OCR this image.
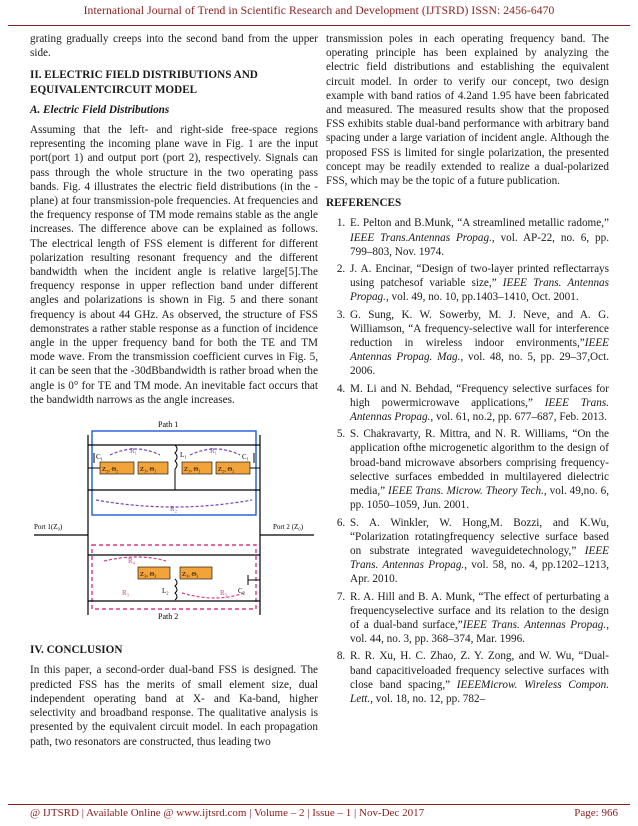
International Journal of Trend in Scientific Research and Development (IJTSRD) ISSN: 2456-6470

grating gradually creeps into the second band from the upper side.

II. ELECTRIC FIELD DISTRIBUTIONS AND EQUIVALENTCIRCUIT MODEL
A. Electric Field Distributions

Assuming that the left- and right-side free-space regions representing the incoming plane wave in Fig. 1 are the input port(port 1) and output port (port 2), respectively. Signals can pass through the whole structure in the two operating pass bands. Fig. 4 illustrates the electric field distributions (in the -plane) at four transmission-pole frequencies. At frequencies and the frequency response of TM mode remains stable as the angle increases. The difference above can be explained as follows. The electrical length of FSS element is different for different polarization resulting resonant frequency and the different bandwidth when the incident angle is relative large[5].The frequency response in upper reflection band under different angles and polarizations is shown in Fig. 5 and there sonant frequency is about 44 GHz. As observed, the structure of FSS demonstrates a rather stable response as a function of incidence angle in the upper frequency band for both the TE and TM mode wave. From the transmission coefficient curves in Fig. 5, it can be seen that the -30dBbandwidth is rather broad when the angle is 0° for TE and TM mode. An inevitable fact occurs that the bandwidth narrows as the angle increases.

Path 1
Z₂, Θ₂	Z₁, Θ₁	Z₁, Θ₁	Z₂, Θ₂
L₁
C₁	C₁
R₁	R₁
R₂
Port 1(Z₀)	Port 2 (Z₀)
Path 2
Z₃, Θ₃	Z₃, Θ₃
L₂	C₂
R₄
R₃	R₃
IV. CONCLUSION

In this paper, a second-order dual-band FSS is designed. The predicted FSS has the merits of small element size, dual independent operating band at X- and Ka-band, higher selectivity and broadband response. The qualitative analysis is presented by the equivalent circuit model. In each propagation path, two resonators are constructed, thus leading two

transmission poles in each operating frequency band. The operating principle has been explained by analyzing the electric field distributions and establishing the equivalent circuit model. In order to verify our concept, two design example with band ratios of 4.2and 1.95 have been fabricated and measured. The measured results show that the proposed FSS exhibits stable dual-band performance with arbitrary band spacing under a large variation of incident angle. Although the proposed FSS is limited for single polarization, the presented concept may be readily extended to realize a dual-polarized FSS, which may be the topic of a future publication.

REFERENCES
1. E. Pelton and B.Munk, “A streamlined metallic radome,” IEEE Trans.Antennas Propag., vol. AP-22, no. 6, pp. 799–803, Nov. 1974.
2. J. A. Encinar, “Design of two-layer printed reflectarrays using patchesof variable size,” IEEE Trans. Antennas Propag., vol. 49, no. 10, pp.1403–1410, Oct. 2001.
3. G. Sung, K. W. Sowerby, M. J. Neve, and A. G. Williamson, “A frequency-selective wall for interference reduction in wireless indoor environments,”IEEE Antennas Propag. Mag., vol. 48, no. 5, pp. 29–37,Oct. 2006.
4. M. Li and N. Behdad, “Frequency selective surfaces for high powermicrowave applications,” IEEE Trans. Antennas Propag., vol. 61, no.2, pp. 677–687, Feb. 2013.
5. S. Chakravarty, R. Mittra, and N. R. Williams, “On the application ofthe microgenetic algorithm to the design of broad-band microwave absorbers comprising frequency-selective surfaces embedded in multilayered dielectric media,” IEEE Trans. Microw. Theory Tech., vol. 49,no. 6, pp. 1050–1059, Jun. 2001.
6. S. A. Winkler, W. Hong,M. Bozzi, and K.Wu, “Polarization rotatingfrequency selective surface based on substrate integrated waveguidetechnology,” IEEE Trans. Antennas Propag., vol. 58, no. 4, pp.1202–1213, Apr. 2010.
7. R. A. Hill and B. A. Munk, “The effect of perturbating a frequencyselective surface and its relation to the design of a dual-band surface,”IEEE Trans. Antennas Propag., vol. 44, no. 3, pp. 368–374, Mar. 1996.
8. R. R. Xu, H. C. Zhao, Z. Y. Zong, and W. Wu, “Dual-band capacitiveloaded frequency selective surfaces with close band spacing,” IEEEMicrow. Wireless Compon. Lett., vol. 18, no. 12, pp. 782–
@ IJTSRD | Available Online @ www.ijtsrd.com | Volume – 2 | Issue – 1 | Nov-Dec 2017	Page: 966
